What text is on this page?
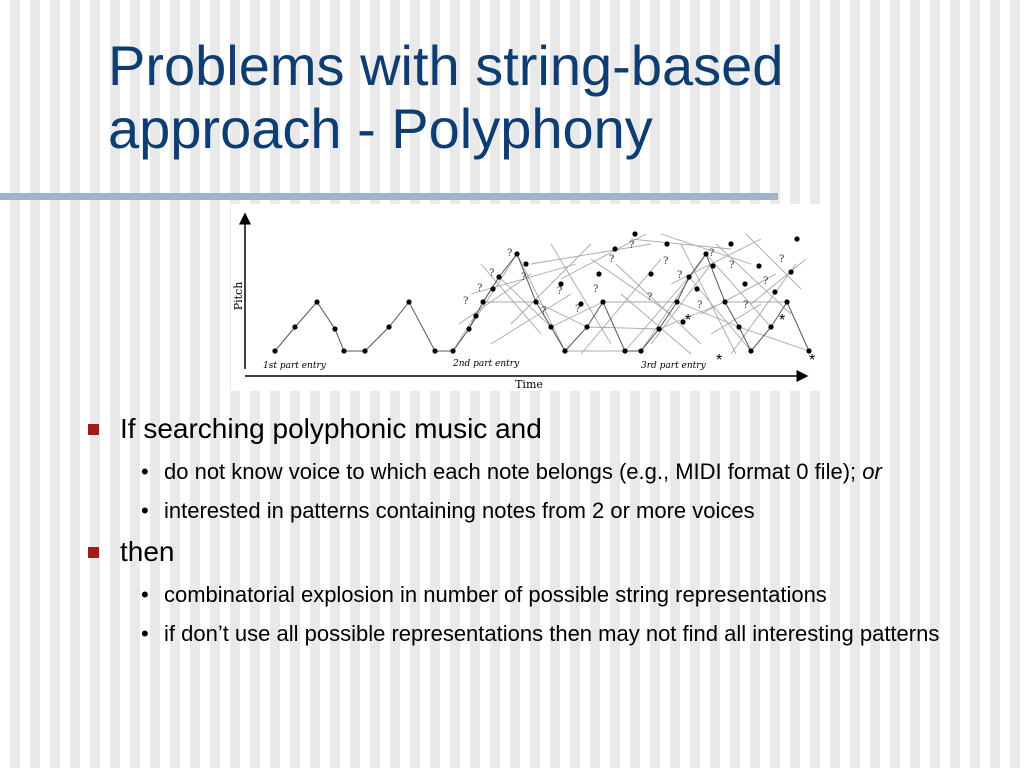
Problems with string-based
approach - Polyphony
?
?
?
?
?
?
?
?
?
?
?
?
?
?
?
?
?
?
?
?
Pitch
Time
1st part entry	2nd part entry	3rd part entry
*
*
*
*
If searching polyphonic music and
• do not know voice to which each note belongs (e.g., MIDI format 0 file); or
• interested in patterns containing notes from 2 or more voices
then
• combinatorial explosion in number of possible string representations
• if don’t use all possible representations then may not find all interesting patterns
